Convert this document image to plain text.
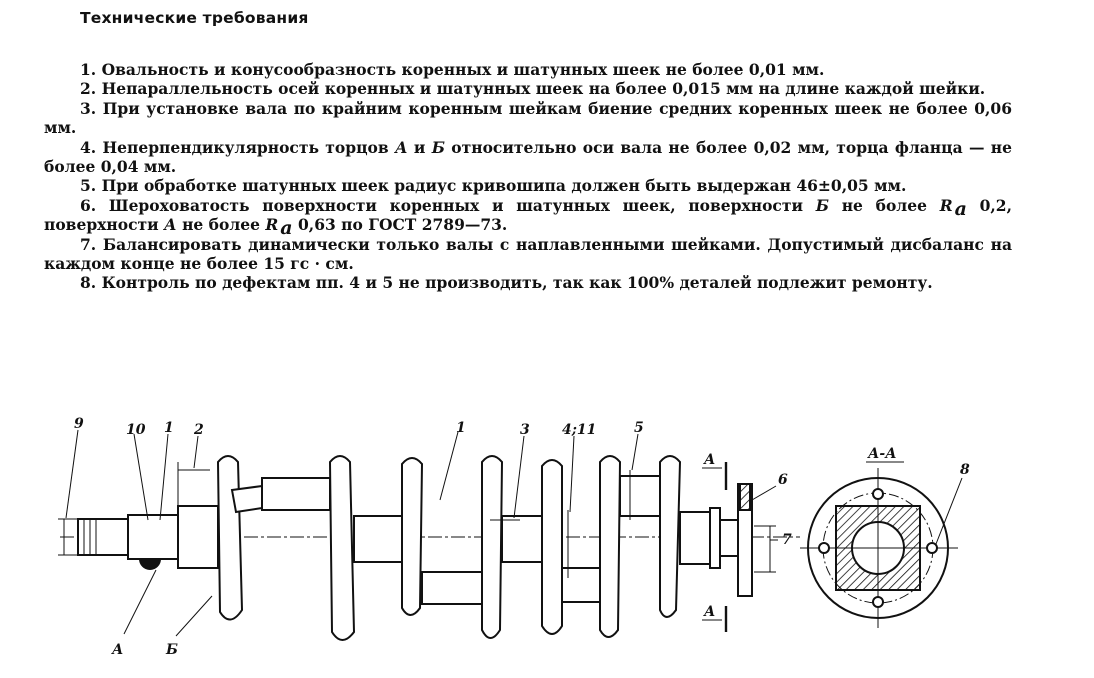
Технические требования

1. Овальность и конусообразность коренных и шатунных шеек не более 0,01 мм.

2. Непараллельность осей коренных и шатунных шеек на более 0,015 мм на длине каждой шейки.

3. При установке вала по крайним коренным шейкам биение средних коренных шеек не более 0,06 мм.

4. Неперпендикулярность торцов А и Б относительно оси вала не более 0,02 мм, торца фланца — не более 0,04 мм.

5. При обработке шатунных шеек радиус кривошипа должен быть выдержан 46±0,05 мм.

6. Шероховатость поверхности коренных и шатунных шеек, поверхности Б не более R a 0,2, поверхности А не более R a 0,63 по ГОСТ 2789—73.

7. Балансировать динамически только валы с наплавленными шейками. Допустимый дисбаланс на каждом конце не более 15 гс · см.

8. Контроль по дефектам пп. 4 и 5 не производить, так как 100% деталей подлежит ремонту.

9	10 1 2	1	3 4;11	5
А
6
7
А
А	Б
А-А
8
